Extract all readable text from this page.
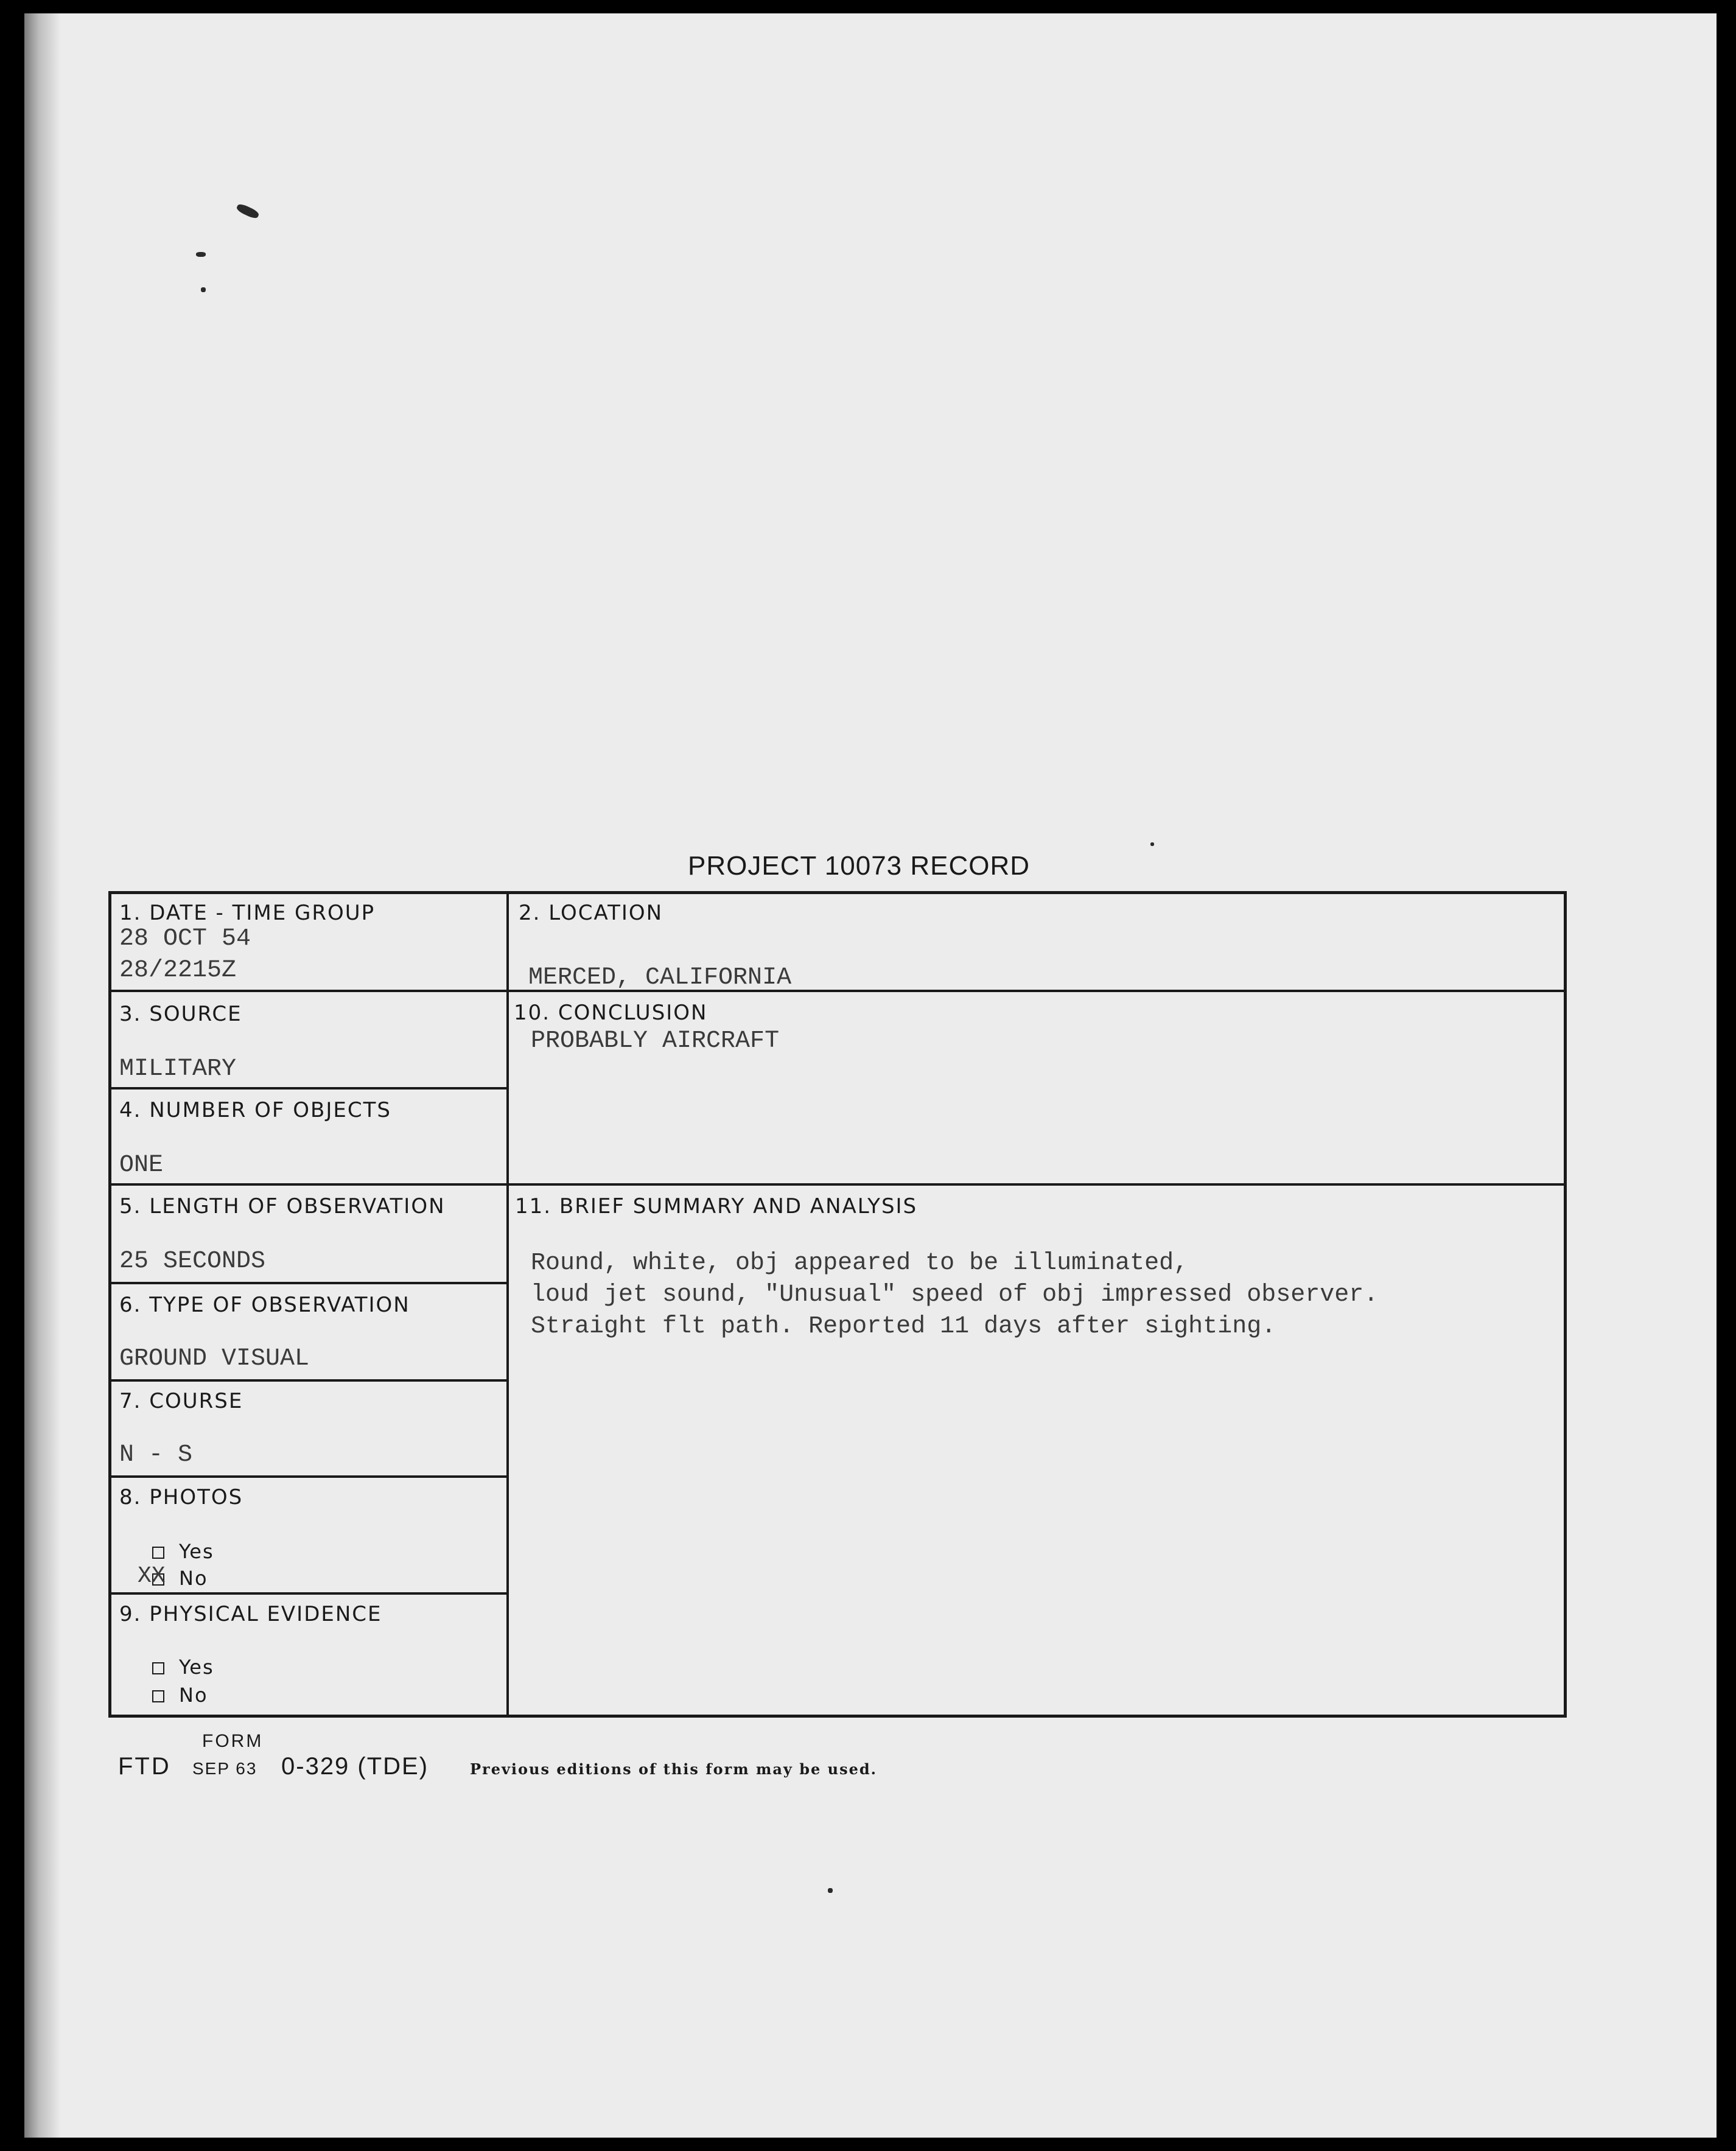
PROJECT 10073 RECORD
1. DATE - TIME GROUP
28 OCT 54
28/2215Z
2. LOCATION
MERCED, CALIFORNIA
3. SOURCE
MILITARY
10. CONCLUSION
PROBABLY AIRCRAFT
4. NUMBER OF OBJECTS
ONE
5. LENGTH OF OBSERVATION
25 SECONDS
11. BRIEF SUMMARY AND ANALYSIS
Round, white, obj appeared to be illuminated,
loud jet sound, "Unusual" speed of obj impressed observer.
Straight flt path. Reported 11 days after sighting.
6. TYPE OF OBSERVATION
GROUND VISUAL
7. COURSE
N - S
8. PHOTOS
Yes
No
XX
9. PHYSICAL EVIDENCE
Yes
No
FORM
FTD SEP 63 0-329 (TDE)	Previous editions of this form may be used.
